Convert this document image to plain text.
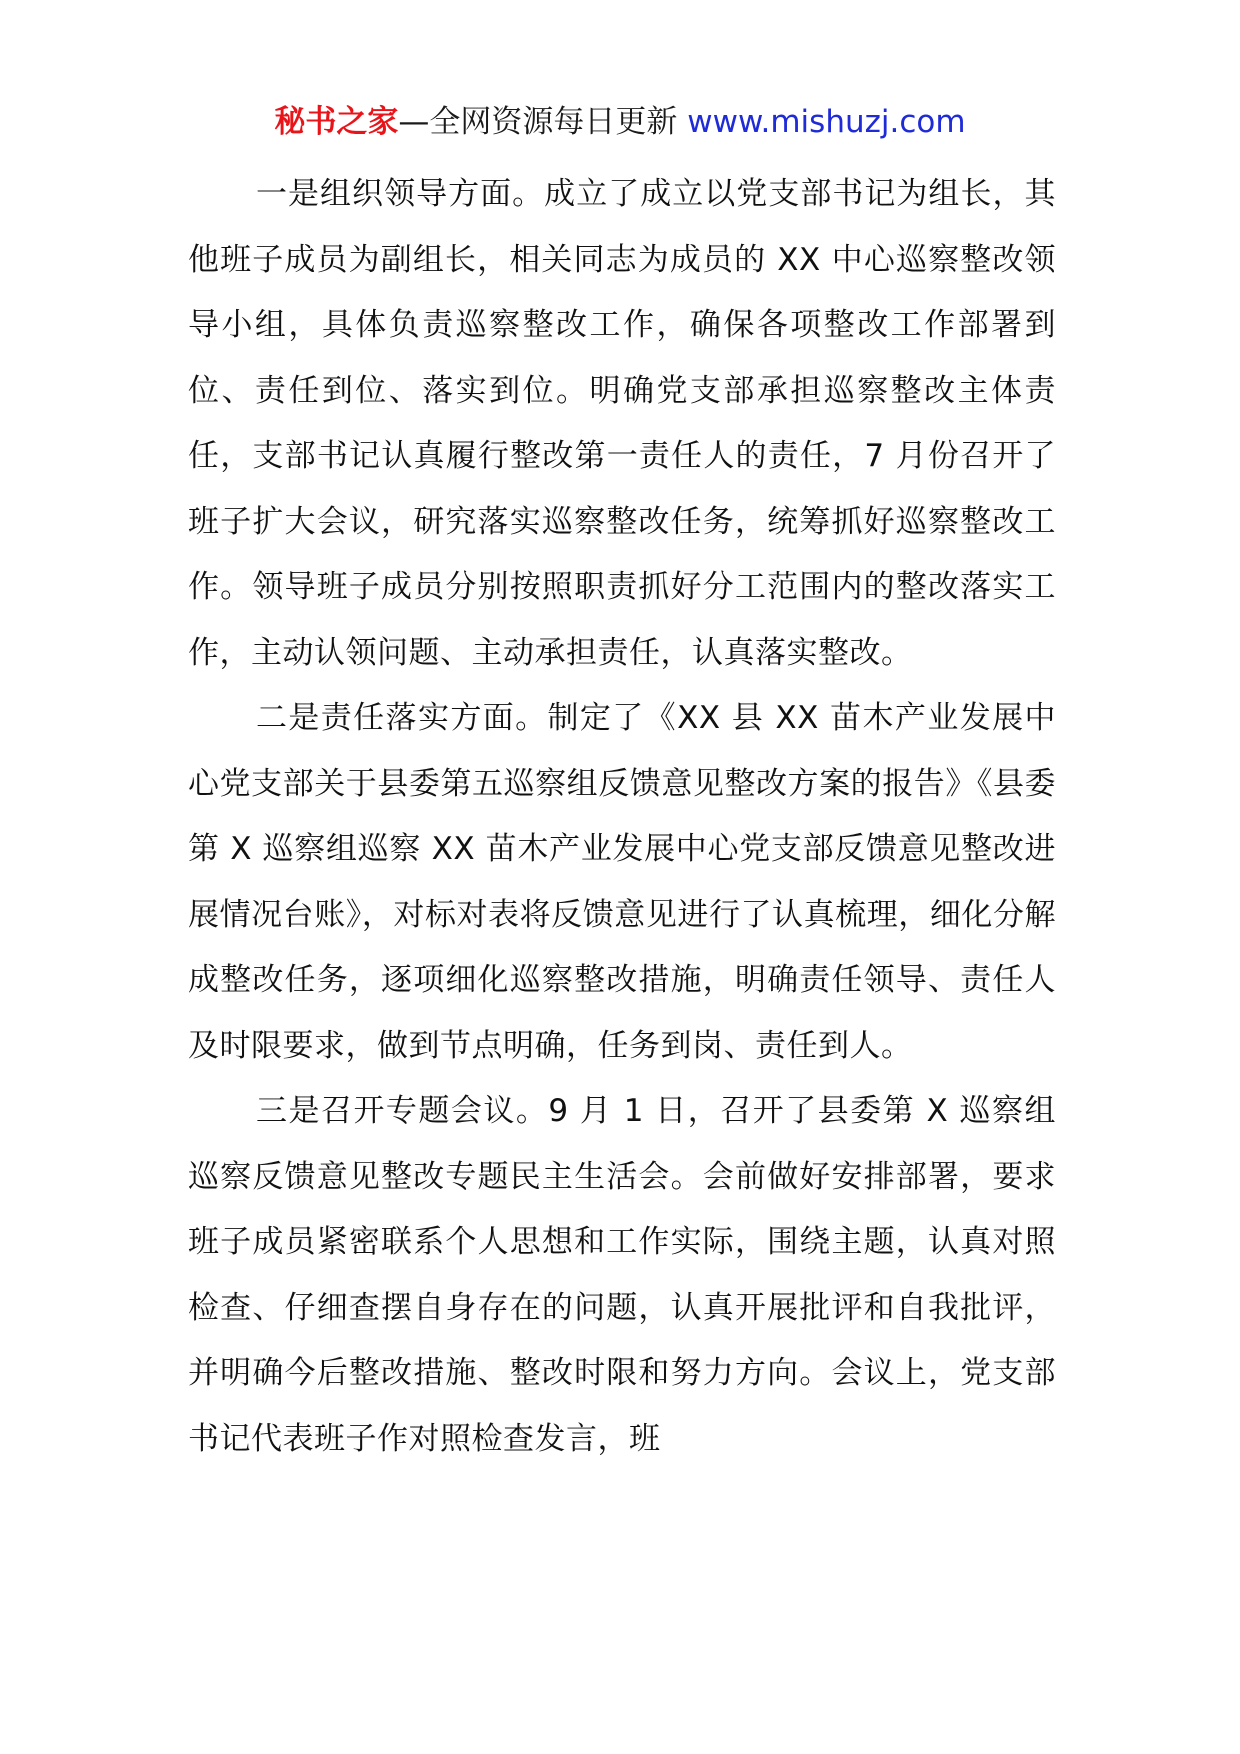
秘书之家—全网资源每日更新 www.mishuzj.com

一是组织领导方面。成立了成立以党支部书记为组长，其他班子成员为副组长，相关同志为成员的 XX 中心巡察整改领导小组，具体负责巡察整改工作，确保各项整改工作部署到位、责任到位、落实到位。明确党支部承担巡察整改主体责任，支部书记认真履行整改第一责任人的责任，7 月份召开了班子扩大会议，研究落实巡察整改任务，统筹抓好巡察整改工作。领导班子成员分别按照职责抓好分工范围内的整改落实工作，主动认领问题、主动承担责任，认真落实整改。

二是责任落实方面。制定了《XX 县 XX 苗木产业发展中心党支部关于县委第五巡察组反馈意见整改方案的报告》《县委第 X 巡察组巡察 XX 苗木产业发展中心党支部反馈意见整改进展情况台账》，对标对表将反馈意见进行了认真梳理，细化分解成整改任务，逐项细化巡察整改措施，明确责任领导、责任人及时限要求，做到节点明确，任务到岗、责任到人。

三是召开专题会议。9 月 1 日，召开了县委第 X 巡察组巡察反馈意见整改专题民主生活会。会前做好安排部署，要求班子成员紧密联系个人思想和工作实际，围绕主题，认真对照检查、仔细查摆自身存在的问题，认真开展批评和自我批评，并明确今后整改措施、整改时限和努力方向。会议上，党支部书记代表班子作对照检查发言，班
